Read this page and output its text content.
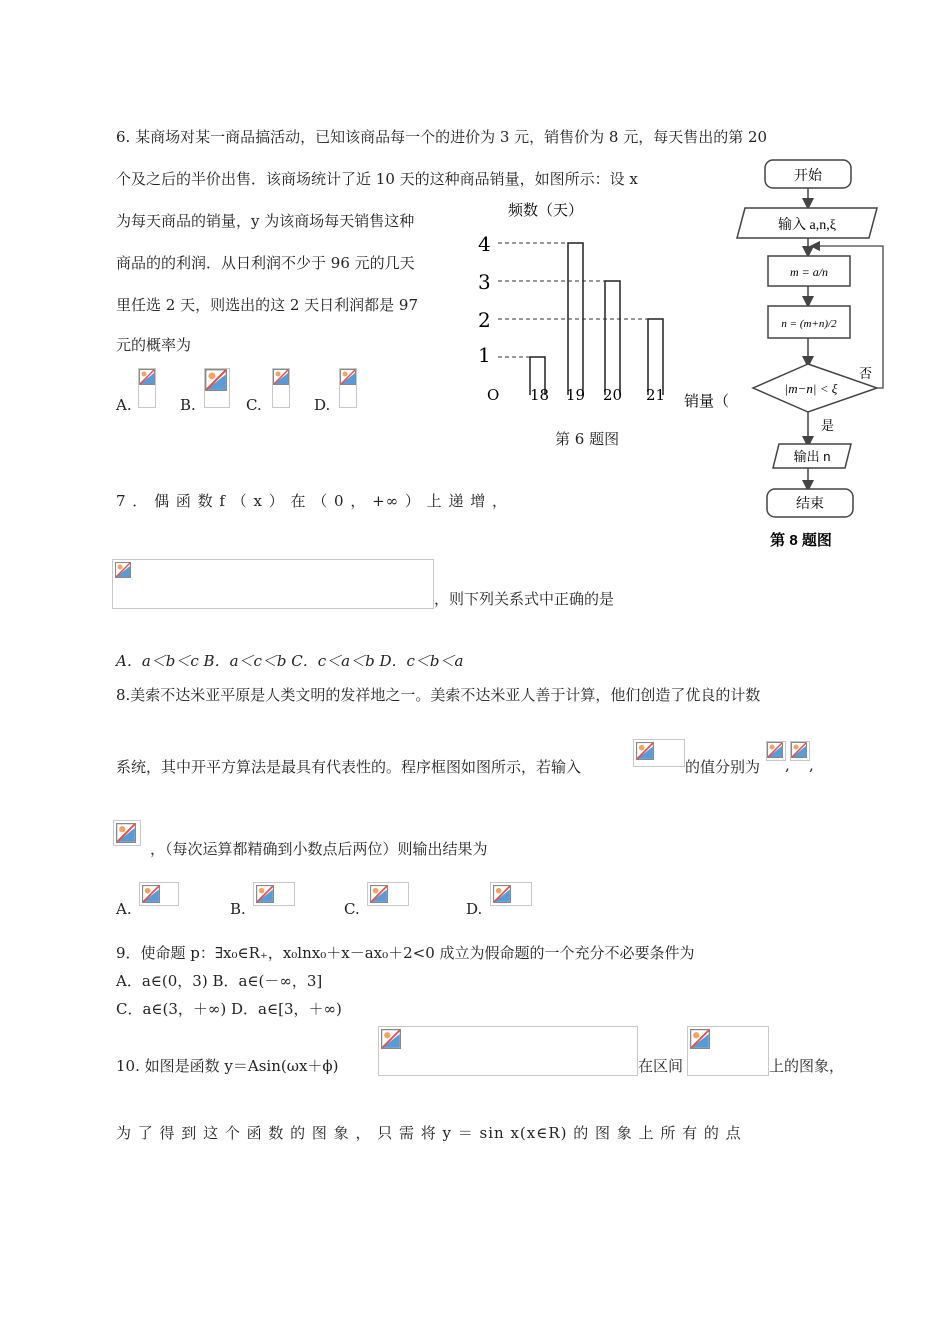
6. 某商场对某一商品搞活动，已知该商品每一个的进价为 3 元，销售价为 8 元，每天售出的第 20
个及之后的半价出售．该商场统计了近 10 天的这种商品销量，如图所示：设 x
为每天商品的销量，y 为该商场每天销售这种
商品的的利润．从日利润不少于 96 元的几天
里任选 2 天，则选出的这 2 天日利润都是 97
元的概率为
A.	B.	C.	D.
频数（天）
O	销量（
1
2
3
4
18 19 20 21
第 6 题图
开始
输入 a,n,ξ
m = a/n
n = (m+n)/2
|m−n| < ξ
否
是
输出 n
结束
第 8 题图
7 ． 偶 函 数 f （ x ） 在 （ 0 ， +∞ ） 上 递 增 ，
，则下列关系式中正确的是
A．a＜b＜c B．a＜c＜b C．c＜a＜b D．c＜b＜a
8.美索不达米亚平原是人类文明的发祥地之一。美索不达米亚人善于计算，他们创造了优良的计数
系统，其中开平方算法是最具有代表性的。程序框图如图所示，若输入	的值分别为 , ,
，（每次运算都精确到小数点后两位）则输出结果为
A.	B.	C.	D.
9．使命题 p：∃x₀∈R₊，x₀lnx₀＋x－ax₀＋2<0 成立为假命题的一个充分不必要条件为
A．a∈(0，3) B．a∈(－∞，3]
C．a∈(3，＋∞) D．a∈[3，＋∞)
10. 如图是函数 y＝Asin(ωx＋ϕ)	在区间	上的图象，
为 了 得 到 这 个 函 数 的 图 象 ， 只 需 将 y ＝ sin x(x∈R) 的 图 象 上 所 有 的 点
